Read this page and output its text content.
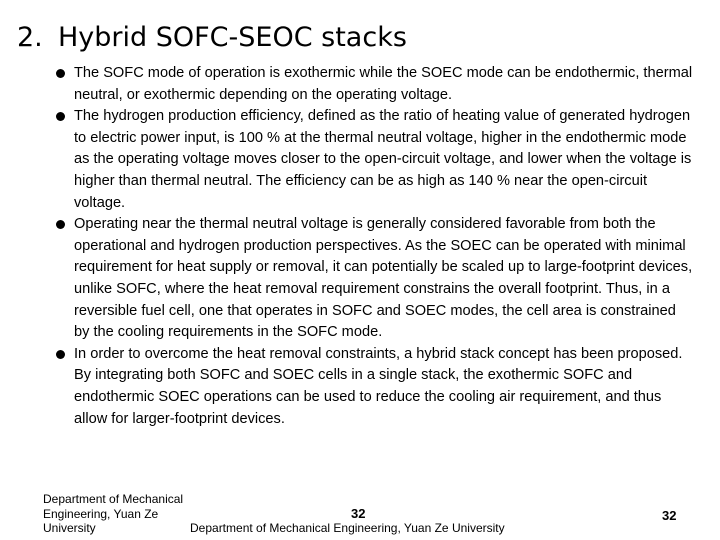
2. Hybrid SOFC-SEOC stacks
The SOFC mode of operation is exothermic while the SOEC mode can be endothermic, thermal neutral, or exothermic depending on the operating voltage.
The hydrogen production efficiency, defined as the ratio of heating value of generated hydrogen to electric power input, is 100 % at the thermal neutral voltage, higher in the endothermic mode as the operating voltage moves closer to the open-circuit voltage, and lower when the voltage is higher than thermal neutral. The efficiency can be as high as 140 % near the open-circuit voltage.
Operating near the thermal neutral voltage is generally considered favorable from both the operational and hydrogen production perspectives. As the SOEC can be operated with minimal requirement for heat supply or removal, it can potentially be scaled up to large-footprint devices, unlike SOFC, where the heat removal requirement constrains the overall footprint. Thus, in a reversible fuel cell, one that operates in SOFC and SOEC modes, the cell area is constrained by the cooling requirements in the SOFC mode.
In order to overcome the heat removal constraints, a hybrid stack concept has been proposed. By integrating both SOFC and SOEC cells in a single stack, the exothermic SOFC and endothermic SOEC operations can be used to reduce the cooling air requirement, and thus allow for larger-footprint devices.
Department of Mechanical Engineering, Yuan Ze University
32
Department of Mechanical Engineering, Yuan Ze University
32
